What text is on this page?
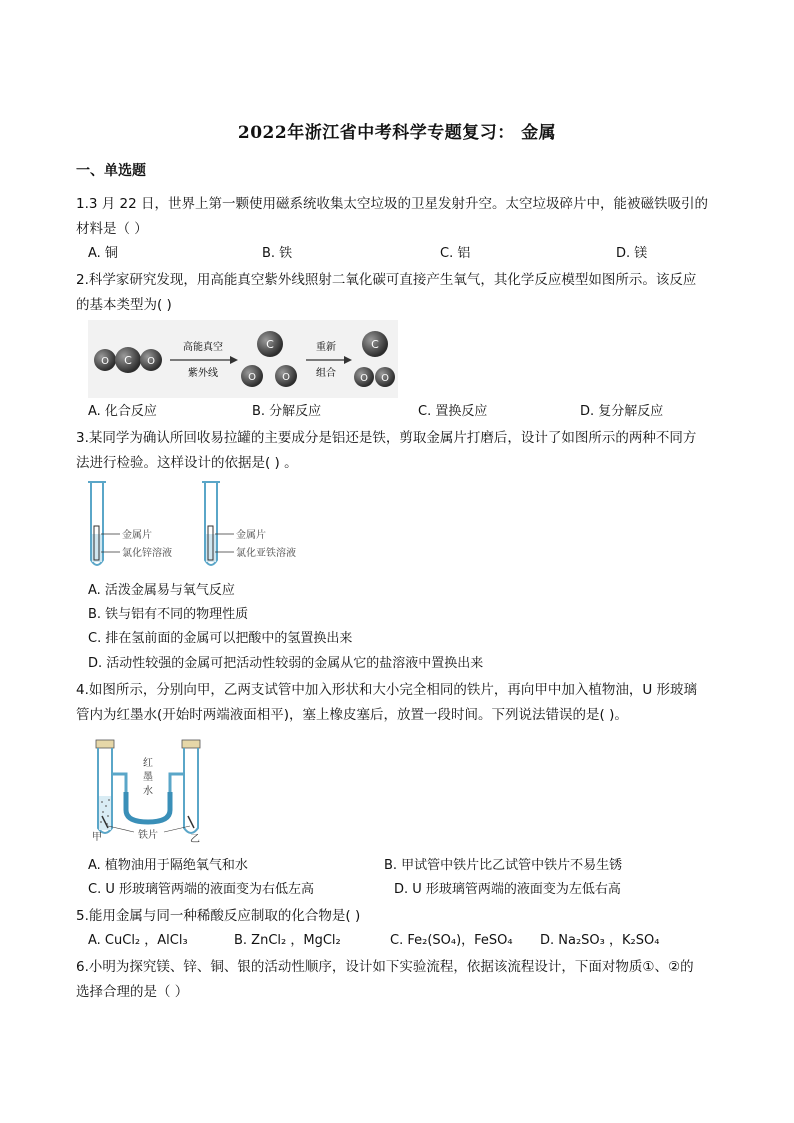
2022年浙江省中考科学专题复习： 金属
一、单选题
1.3 月 22 日，世界上第一颗使用磁系统收集太空垃圾的卫星发射升空。太空垃圾碎片中，能被磁铁吸引的
材料是（ ）
A. 铜	B. 铁	C. 铝	D. 镁
2.科学家研究发现，用高能真空紫外线照射二氧化碳可直接产生氧气，其化学反应模型如图所示。该反应
的基本类型为( )
O C O
高能真空
紫外线
C
O	O
重新
组合
C
O O
A. 化合反应	B. 分解反应	C. 置换反应	D. 复分解反应
3.某同学为确认所回收易拉罐的主要成分是铝还是铁，剪取金属片打磨后，设计了如图所示的两种不同方
法进行检验。这样设计的依据是( ) 。
金属片
氯化锌溶液
金属片
氯化亚铁溶液
A. 活泼金属易与氧气反应
B. 铁与铝有不同的物理性质
C. 排在氢前面的金属可以把酸中的氢置换出来
D. 活动性较强的金属可把活动性较弱的金属从它的盐溶液中置换出来
4.如图所示，分别向甲，乙两支试管中加入形状和大小完全相同的铁片，再向甲中加入植物油，U 形玻璃
管内为红墨水(开始时两端液面相平)，塞上橡皮塞后，放置一段时间。下列说法错误的是( )。
红
墨
水
甲	乙
铁片
A. 植物油用于隔绝氧气和水	B. 甲试管中铁片比乙试管中铁片不易生锈
C. U 形玻璃管两端的液面变为右低左高	D. U 形玻璃管两端的液面变为左低右高
5.能用金属与同一种稀酸反应制取的化合物是( )
A. CuCl₂ ，AlCl₃	B. ZnCl₂ ，MgCl₂	C. Fe₂(SO₄)，FeSO₄ D. Na₂SO₃ ，K₂SO₄
6.小明为探究镁、锌、铜、银的活动性顺序，设计如下实验流程，依据该流程设计，下面对物质①、②的
选择合理的是（ ）
